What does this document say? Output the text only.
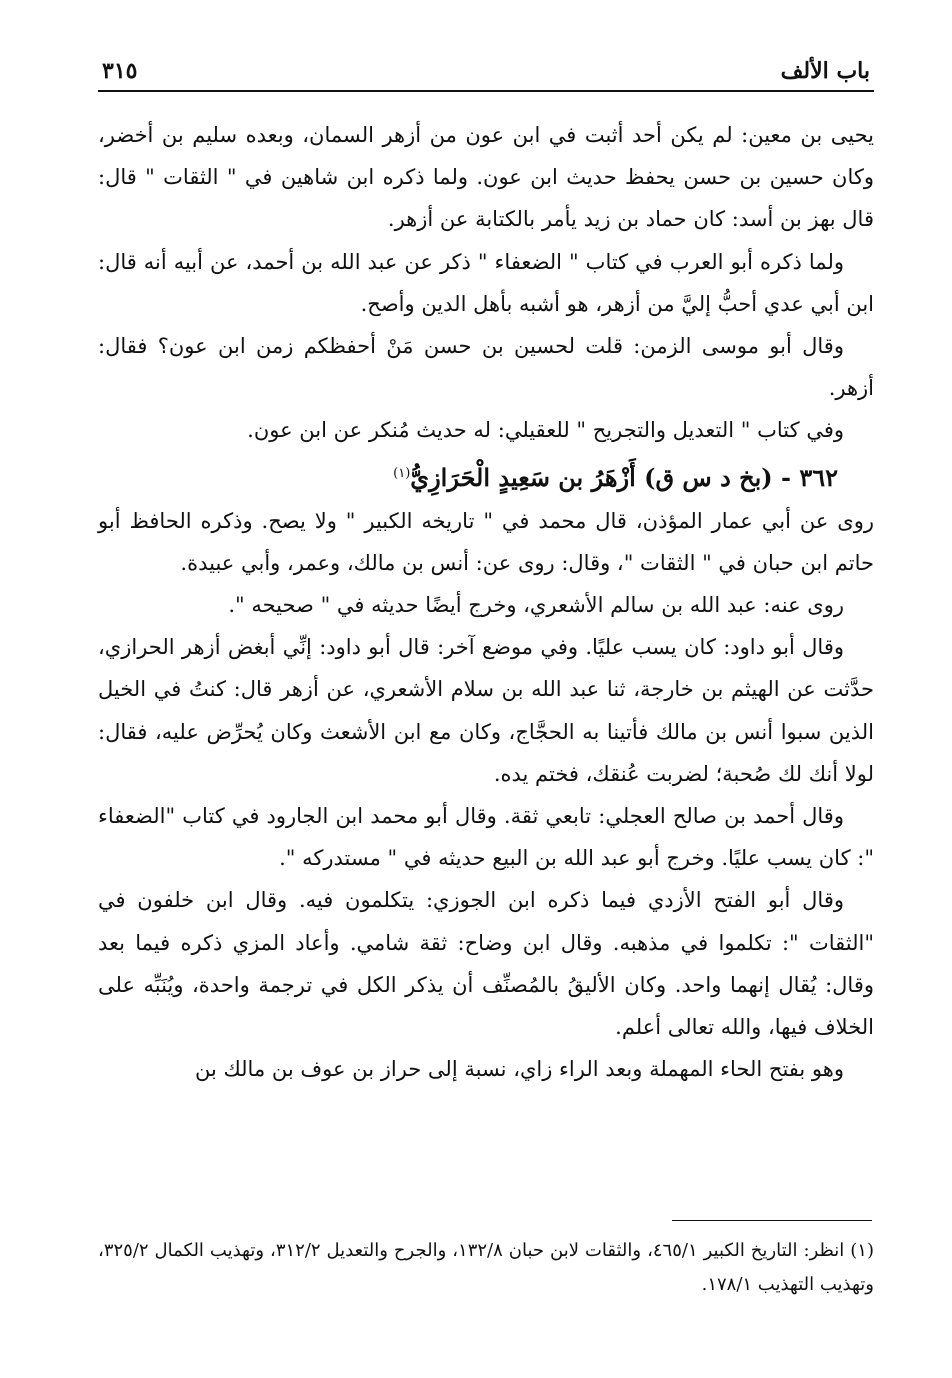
باب الألف
٣١٥

يحيى بن معين: لم يكن أحد أثبت في ابن عون من أزهر السمان، وبعده سليم بن أخضر، وكان حسين بن حسن يحفظ حديث ابن عون. ولما ذكره ابن شاهين في " الثقات " قال: قال بهز بن أسد: كان حماد بن زيد يأمر بالكتابة عن أزهر.

ولما ذكره أبو العرب في كتاب " الضعفاء " ذكر عن عبد الله بن أحمد، عن أبيه أنه قال: ابن أبي عدي أحبُّ إليَّ من أزهر، هو أشبه بأهل الدين وأصح.

وقال أبو موسى الزمن: قلت لحسين بن حسن مَنْ أحفظكم زمن ابن عون؟ فقال: أزهر.

وفي كتاب " التعديل والتجريح " للعقيلي: له حديث مُنكر عن ابن عون.

٣٦٢ - (بخ د س ق) أَزْهَرُ بن سَعِيدٍ الْحَرَازِيُّ$^{(١)}$

روى عن أبي عمار المؤذن، قال محمد في " تاريخه الكبير " ولا يصح. وذكره الحافظ أبو حاتم ابن حبان في " الثقات "، وقال: روى عن: أنس بن مالك، وعمر، وأبي عبيدة.

روى عنه: عبد الله بن سالم الأشعري، وخرج أيضًا حديثه في " صحيحه ".

وقال أبو داود: كان يسب عليًا. وفي موضع آخر: قال أبو داود: إنِّي أبغض أزهر الحرازي، حدَّثت عن الهيثم بن خارجة، ثنا عبد الله بن سلام الأشعري، عن أزهر قال: كنتُ في الخيل الذين سبوا أنس بن مالك فأتينا به الحجَّاج، وكان مع ابن الأشعث وكان يُحرِّض عليه، فقال: لولا أنك لك صُحبة؛ لضربت عُنقك، فختم يده.

وقال أحمد بن صالح العجلي: تابعي ثقة. وقال أبو محمد ابن الجارود في كتاب "الضعفاء ": كان يسب عليًا. وخرج أبو عبد الله بن البيع حديثه في " مستدركه ".

وقال أبو الفتح الأزدي فيما ذكره ابن الجوزي: يتكلمون فيه. وقال ابن خلفون في "الثقات ": تكلموا في مذهبه. وقال ابن وضاح: ثقة شامي. وأعاد المزي ذكره فيما بعد وقال: يُقال إنهما واحد. وكان الأليقُ بالمُصنِّف أن يذكر الكل في ترجمة واحدة، ويُنَبِّه على الخلاف فيها، والله تعالى أعلم.

وهو بفتح الحاء المهملة وبعد الراء زاي، نسبة إلى حراز بن عوف بن مالك بن

(١) انظر: التاريخ الكبير ٤٦٥/١، والثقات لابن حبان ١٣٢/٨، والجرح والتعديل ٣١٢/٢، وتهذيب الكمال ٣٢٥/٢، وتهذيب التهذيب ١٧٨/١.
